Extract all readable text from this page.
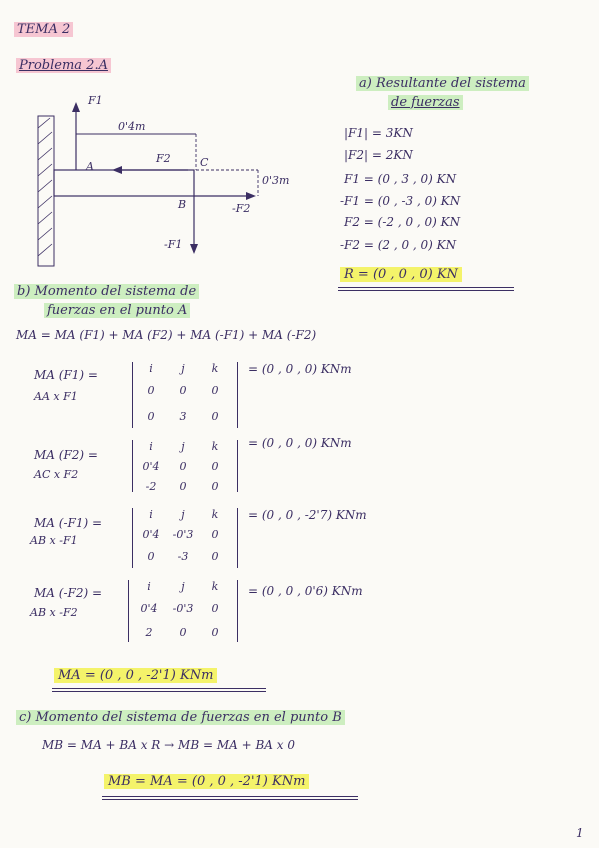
TEMA 2
Problema 2.A
F1
0'4m
F2
A	C
0'3m
B	-F2
-F1
a) Resultante del sistema
de fuerzas
|F1| = 3KN
|F2| = 2KN
F1 = (0 , 3 , 0) KN
-F1 = (0 , -3 , 0) KN
F2 = (-2 , 0 , 0) KN
-F2 = (2 , 0 , 0) KN
R = (0 , 0 , 0) KN
b) Momento del sistema de
fuerzas en el punto A
MA = MA (F1) + MA (F2) + MA (-F1) + MA (-F2)
MA (F1) =
AA x F1
i	j	k
0	0	0
0	3	0
= (0 , 0 , 0) KNm
MA (F2) =
AC x F2
i	j	k
0'4	0	0
-2	0	0
= (0 , 0 , 0) KNm
MA (-F1) =
AB x -F1
i	j	k
0'4	-0'3	0
0	-3	0
= (0 , 0 , -2'7) KNm
MA (-F2) =
AB x -F2
i	j	k
0'4	-0'3	0
2	0	0
= (0 , 0 , 0'6) KNm
MA = (0 , 0 , -2'1) KNm
c) Momento del sistema de fuerzas en el punto B
MB = MA + BA x R → MB = MA + BA x 0
MB = MA = (0 , 0 , -2'1) KNm
1
